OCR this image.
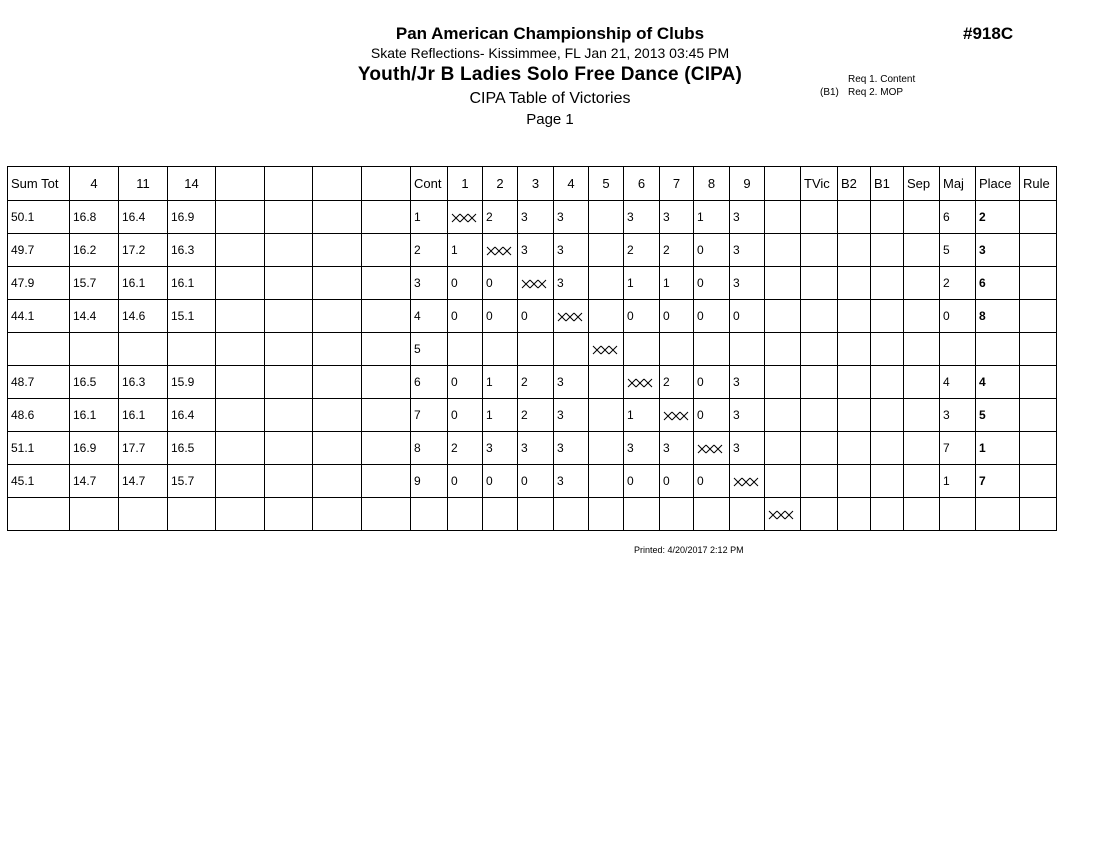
Pan American Championship of Clubs
Skate Reflections- Kissimmee, FL Jan 21, 2013 03:45 PM
Youth/Jr B Ladies Solo Free Dance (CIPA)
CIPA Table of Victories
Page 1
#918C
Req 1. Content
(B1) Req 2. MOP
Sum Tot	4	11	14					Cont	1	2	3	4	5	6	7	8	9		TVic	B2	B1	Sep	Maj	Place	Rule
50.1	16.8	16.4	16.9					1		2	3	3		3	3	1	3						6	2	
49.7	16.2	17.2	16.3					2	1		3	3		2	2	0	3						5	3	
47.9	15.7	16.1	16.1					3	0	0		3		1	1	0	3						2	6	
44.1	14.4	14.6	15.1					4	0	0	0			0	0	0	0						0	8	
								5																	
48.7	16.5	16.3	15.9					6	0	1	2	3			2	0	3						4	4	
48.6	16.1	16.1	16.4					7	0	1	2	3		1		0	3						3	5	
51.1	16.9	17.7	16.5					8	2	3	3	3		3	3		3						7	1	
45.1	14.7	14.7	15.7					9	0	0	0	3		0	0	0							1	7	

Printed: 4/20/2017 2:12 PM
